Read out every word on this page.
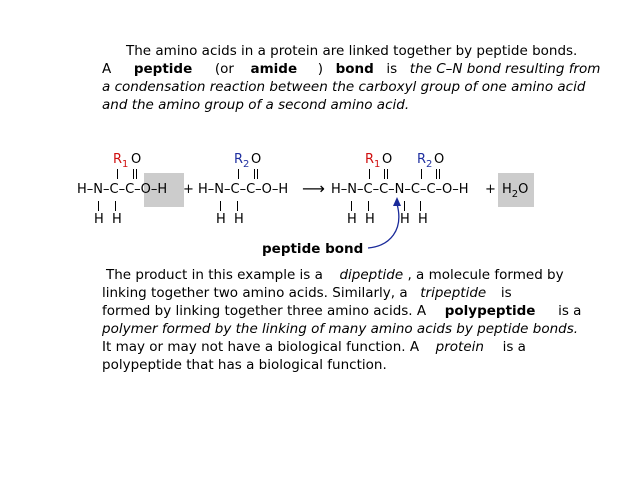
The amino acids in a protein are linked together by peptide bonds.
A peptide (or amide ) bond is the C–N bond resulting from
a condensation reaction between the carboxyl group of one amino acid
and the amino group of a second amino acid.
$R_1$ O
H–N–C–C–O–H
H  H
+
$R_2$ O
H–N–C–C–O–H
H  H
⟶
$R_1$ O $R_2$ O
H–N–C–C–N–C–C–O–H
H  H H  H
+ $H_2O$
peptide bond
The product in this example is a dipeptide , a molecule formed by
linking together two amino acids. Similarly, a tripeptide is
formed by linking together three amino acids. A polypeptide is a
polymer formed by the linking of many amino acids by peptide bonds.
It may or may not have a biological function. A protein is a
polypeptide that has a biological function.
